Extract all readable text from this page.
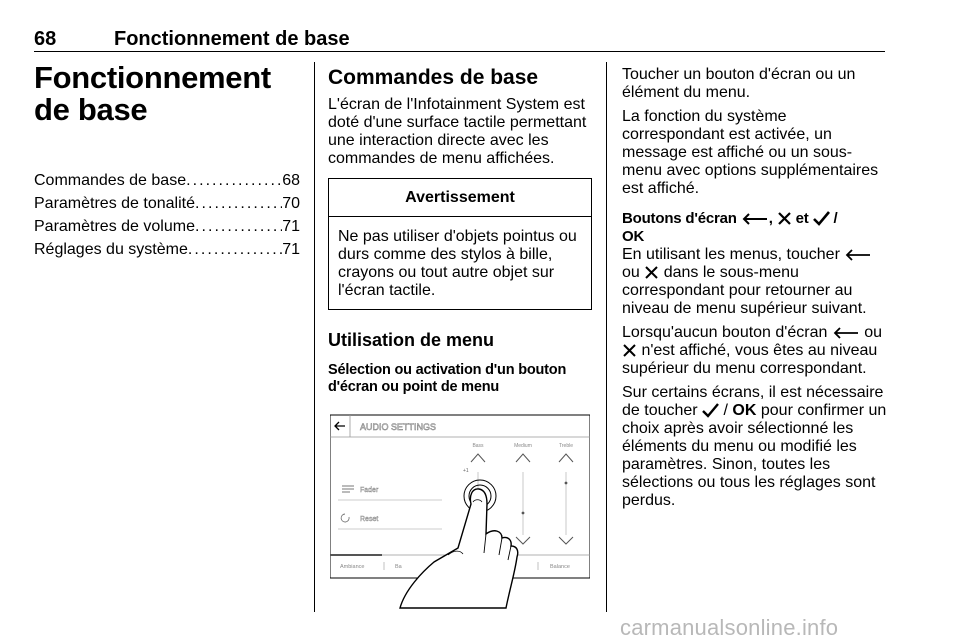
68	Fonctionnement de base
Fonctionnement de base
Commandes de base . . .	68
Paramètres de tonalité . . .	70
Paramètres de volume . . .	71
Réglages du système . . .	71
Commandes de base
L'écran de l'Infotainment System est doté d'une surface tactile permettant une interaction directe avec les commandes de menu affichées.
Avertissement
Ne pas utiliser d'objets pointus ou durs comme des stylos à bille, crayons ou tout autre objet sur l'écran tactile.
Utilisation de menu
Sélection ou activation d'un bouton d'écran ou point de menu
AUDIO SETTINGS
Bass	Medium	Treble
+1
Fader
Reset
Ambiance	Ba	Balance
Toucher un bouton d'écran ou un élément du menu.
La fonction du système correspondant est activée, un message est affiché ou un sous-menu avec options supplémentaires est affiché.
Boutons d'écran , et /
OK
En utilisant les menus, toucher  ou dans le sous-menu correspondant pour retourner au niveau de menu supérieur suivant.
Lorsqu'aucun bouton d'écran ou  n'est affiché, vous êtes au niveau supérieur du menu correspondant.
Sur certains écrans, il est nécessaire de toucher / OK pour confirmer un choix après avoir sélectionné les éléments du menu ou modifié les paramètres. Sinon, toutes les sélections ou tous les réglages sont perdus.
carmanualsonline.info
